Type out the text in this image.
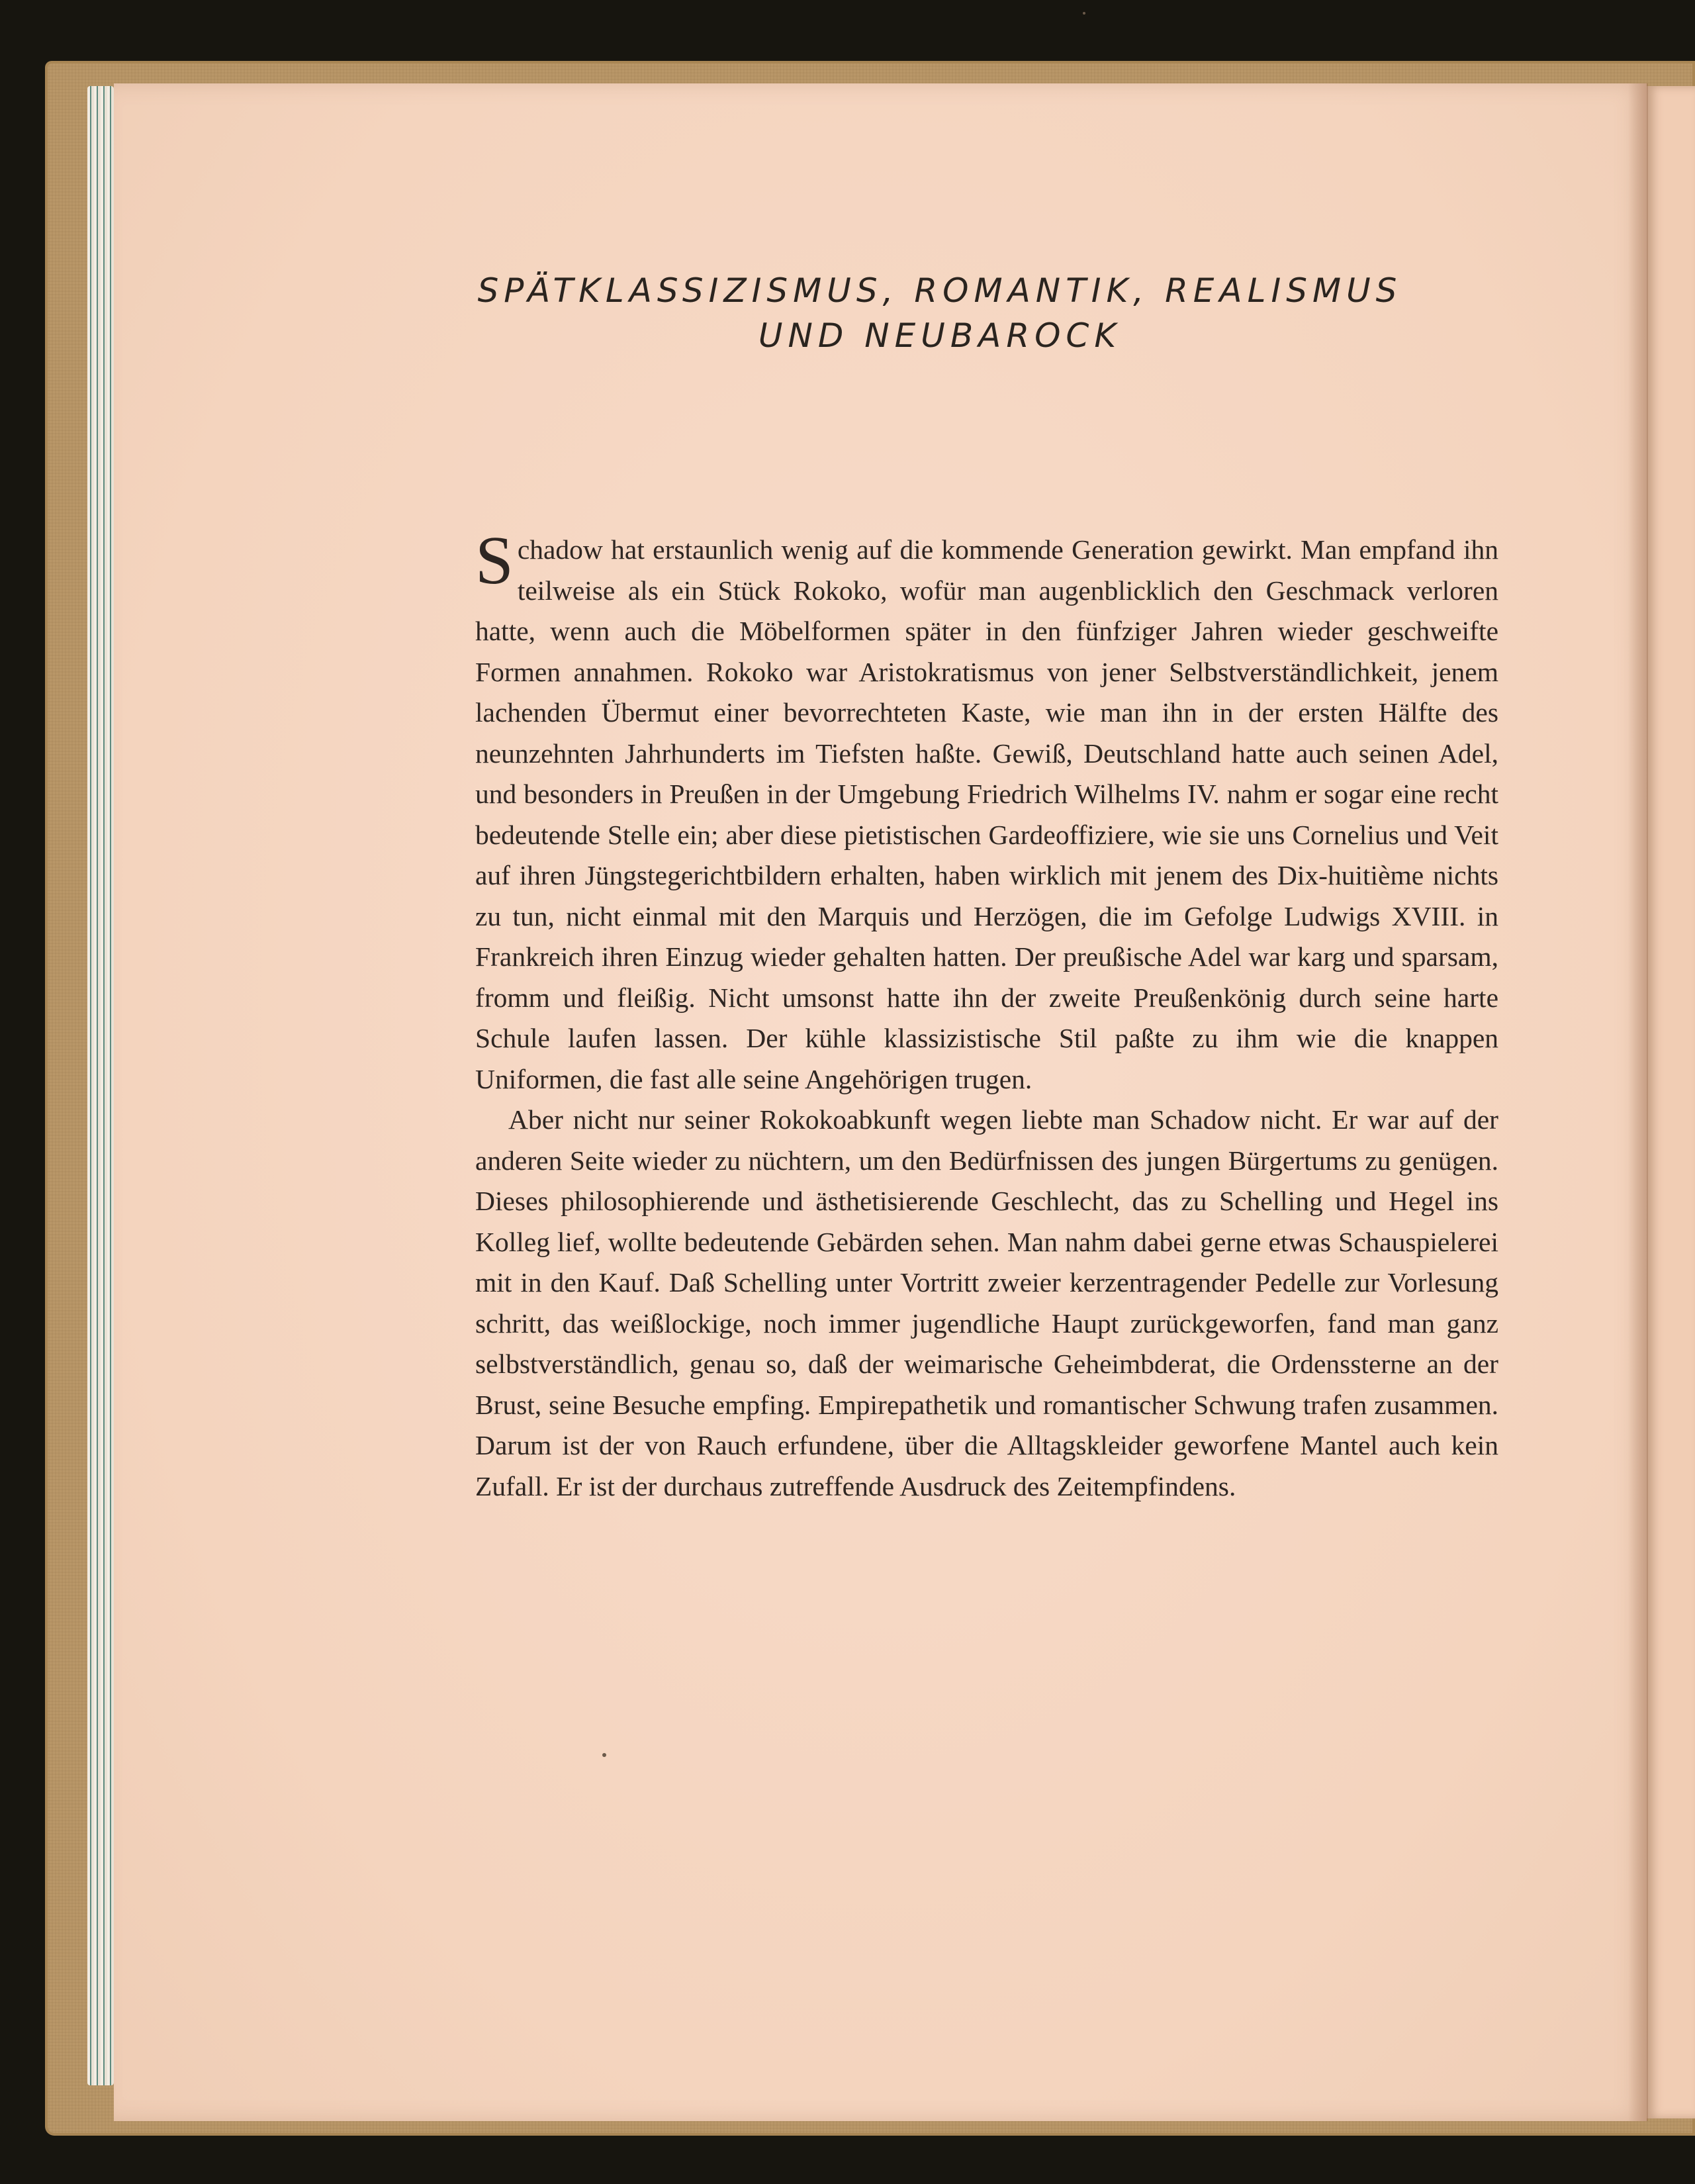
SPÄTKLASSIZISMUS, ROMANTIK, REALISMUS
UND NEUBAROCK

Schadow hat erstaunlich wenig auf die kommende Generation gewirkt. Man empfand ihn teilweise als ein Stück Rokoko, wofür man augenblicklich den Geschmack verloren hatte, wenn auch die Möbelformen später in den fünfziger Jahren wieder geschweifte Formen annahmen. Rokoko war Aristokratismus von jener Selbstverständlichkeit, jenem lachenden Übermut einer bevorrechteten Kaste, wie man ihn in der ersten Hälfte des neunzehnten Jahrhunderts im Tiefsten haßte. Gewiß, Deutschland hatte auch seinen Adel, und besonders in Preußen in der Umgebung Friedrich Wilhelms IV. nahm er sogar eine recht bedeutende Stelle ein; aber diese pietistischen Gardeoffiziere, wie sie uns Cornelius und Veit auf ihren Jüngstegerichtbildern erhalten, haben wirklich mit jenem des Dix-huitième nichts zu tun, nicht einmal mit den Marquis und Herzögen, die im Gefolge Ludwigs XVIII. in Frankreich ihren Einzug wieder gehalten hatten. Der preußische Adel war karg und sparsam, fromm und fleißig. Nicht umsonst hatte ihn der zweite Preußenkönig durch seine harte Schule laufen lassen. Der kühle klassizistische Stil paßte zu ihm wie die knappen Uniformen, die fast alle seine Angehörigen trugen.

Aber nicht nur seiner Rokokoabkunft wegen liebte man Schadow nicht. Er war auf der anderen Seite wieder zu nüchtern, um den Bedürfnissen des jungen Bürgertums zu genügen. Dieses philosophierende und ästhetisierende Geschlecht, das zu Schelling und Hegel ins Kolleg lief, wollte bedeutende Gebärden sehen. Man nahm dabei gerne etwas Schauspielerei mit in den Kauf. Daß Schelling unter Vortritt zweier kerzentragender Pedelle zur Vorlesung schritt, das weißlockige, noch immer jugendliche Haupt zurückgeworfen, fand man ganz selbstverständlich, genau so, daß der weimarische Geheimbderat, die Ordenssterne an der Brust, seine Besuche empfing. Empirepathetik und romantischer Schwung trafen zusammen. Darum ist der von Rauch erfundene, über die Alltagskleider geworfene Mantel auch kein Zufall. Er ist der durchaus zutreffende Ausdruck des Zeitempfindens.
